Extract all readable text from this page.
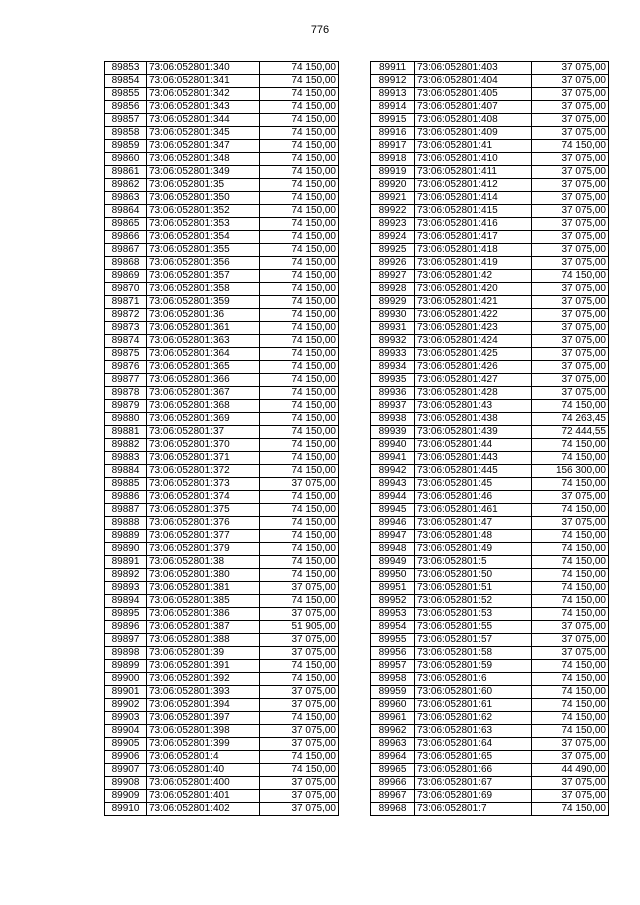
776
89853	73:06:052801:340	74 150,00
89854	73:06:052801:341	74 150,00
89855	73:06:052801:342	74 150,00
89856	73:06:052801:343	74 150,00
89857	73:06:052801:344	74 150,00
89858	73:06:052801:345	74 150,00
89859	73:06:052801:347	74 150,00
89860	73:06:052801:348	74 150,00
89861	73:06:052801:349	74 150,00
89862	73:06:052801:35	74 150,00
89863	73:06:052801:350	74 150,00
89864	73:06:052801:352	74 150,00
89865	73:06:052801:353	74 150,00
89866	73:06:052801:354	74 150,00
89867	73:06:052801:355	74 150,00
89868	73:06:052801:356	74 150,00
89869	73:06:052801:357	74 150,00
89870	73:06:052801:358	74 150,00
89871	73:06:052801:359	74 150,00
89872	73:06:052801:36	74 150,00
89873	73:06:052801:361	74 150,00
89874	73:06:052801:363	74 150,00
89875	73:06:052801:364	74 150,00
89876	73:06:052801:365	74 150,00
89877	73:06:052801:366	74 150,00
89878	73:06:052801:367	74 150,00
89879	73:06:052801:368	74 150,00
89880	73:06:052801:369	74 150,00
89881	73:06:052801:37	74 150,00
89882	73:06:052801:370	74 150,00
89883	73:06:052801:371	74 150,00
89884	73:06:052801:372	74 150,00
89885	73:06:052801:373	37 075,00
89886	73:06:052801:374	74 150,00
89887	73:06:052801:375	74 150,00
89888	73:06:052801:376	74 150,00
89889	73:06:052801:377	74 150,00
89890	73:06:052801:379	74 150,00
89891	73:06:052801:38	74 150,00
89892	73:06:052801:380	74 150,00
89893	73:06:052801:381	37 075,00
89894	73:06:052801:385	74 150,00
89895	73:06:052801:386	37 075,00
89896	73:06:052801:387	51 905,00
89897	73:06:052801:388	37 075,00
89898	73:06:052801:39	37 075,00
89899	73:06:052801:391	74 150,00
89900	73:06:052801:392	74 150,00
89901	73:06:052801:393	37 075,00
89902	73:06:052801:394	37 075,00
89903	73:06:052801:397	74 150,00
89904	73:06:052801:398	37 075,00
89905	73:06:052801:399	37 075,00
89906	73:06:052801:4	74 150,00
89907	73:06:052801:40	74 150,00
89908	73:06:052801:400	37 075,00
89909	73:06:052801:401	37 075,00
89910	73:06:052801:402	37 075,00
89911	73:06:052801:403	37 075,00
89912	73:06:052801:404	37 075,00
89913	73:06:052801:405	37 075,00
89914	73:06:052801:407	37 075,00
89915	73:06:052801:408	37 075,00
89916	73:06:052801:409	37 075,00
89917	73:06:052801:41	74 150,00
89918	73:06:052801:410	37 075,00
89919	73:06:052801:411	37 075,00
89920	73:06:052801:412	37 075,00
89921	73:06:052801:414	37 075,00
89922	73:06:052801:415	37 075,00
89923	73:06:052801:416	37 075,00
89924	73:06:052801:417	37 075,00
89925	73:06:052801:418	37 075,00
89926	73:06:052801:419	37 075,00
89927	73:06:052801:42	74 150,00
89928	73:06:052801:420	37 075,00
89929	73:06:052801:421	37 075,00
89930	73:06:052801:422	37 075,00
89931	73:06:052801:423	37 075,00
89932	73:06:052801:424	37 075,00
89933	73:06:052801:425	37 075,00
89934	73:06:052801:426	37 075,00
89935	73:06:052801:427	37 075,00
89936	73:06:052801:428	37 075,00
89937	73:06:052801:43	74 150,00
89938	73:06:052801:438	74 263,45
89939	73:06:052801:439	72 444,55
89940	73:06:052801:44	74 150,00
89941	73:06:052801:443	74 150,00
89942	73:06:052801:445	156 300,00
89943	73:06:052801:45	74 150,00
89944	73:06:052801:46	37 075,00
89945	73:06:052801:461	74 150,00
89946	73:06:052801:47	37 075,00
89947	73:06:052801:48	74 150,00
89948	73:06:052801:49	74 150,00
89949	73:06:052801:5	74 150,00
89950	73:06:052801:50	74 150,00
89951	73:06:052801:51	74 150,00
89952	73:06:052801:52	74 150,00
89953	73:06:052801:53	74 150,00
89954	73:06:052801:55	37 075,00
89955	73:06:052801:57	37 075,00
89956	73:06:052801:58	37 075,00
89957	73:06:052801:59	74 150,00
89958	73:06:052801:6	74 150,00
89959	73:06:052801:60	74 150,00
89960	73:06:052801:61	74 150,00
89961	73:06:052801:62	74 150,00
89962	73:06:052801:63	74 150,00
89963	73:06:052801:64	37 075,00
89964	73:06:052801:65	37 075,00
89965	73:06:052801:66	44 490,00
89966	73:06:052801:67	37 075,00
89967	73:06:052801:69	37 075,00
89968	73:06:052801:7	74 150,00
